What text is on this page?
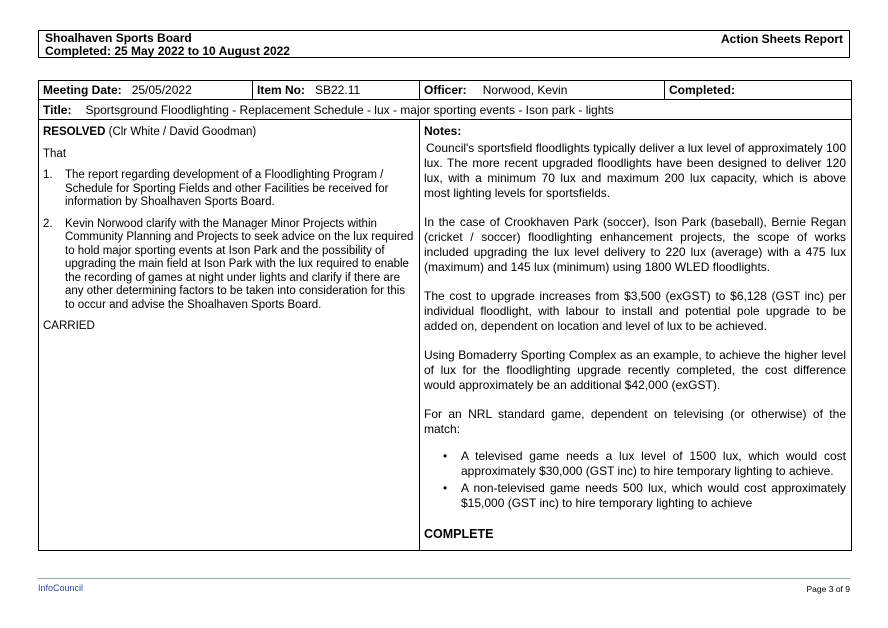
Shoalhaven Sports Board
Completed: 25 May 2022 to 10 August 2022
Action Sheets Report
Meeting Date: 25/05/2022	Item No: SB22.11	Officer: Norwood, Kevin	Completed:
Title: Sportsground Floodlighting - Replacement Schedule - lux - major sporting events - Ison park - lights

RESOLVED (Clr White / David Goodman)

That

1. The report regarding development of a Floodlighting Program / Schedule for Sporting Fields and other Facilities be received for information by Shoalhaven Sports Board.
2. Kevin Norwood clarify with the Manager Minor Projects within Community Planning and Projects to seek advice on the lux required to hold major sporting events at Ison Park and the possibility of upgrading the main field at Ison Park with the lux required to enable the recording of games at night under lights and clarify if there are any other determining factors to be taken into consideration for this to occur and advise the Shoalhaven Sports Board.

CARRIED

Notes:

Council's sportsfield floodlights typically deliver a lux level of approximately 100 lux. The more recent upgraded floodlights have been designed to deliver 120 lux, with a minimum 70 lux and maximum 200 lux capacity, which is above most lighting levels for sportsfields.

In the case of Crookhaven Park (soccer), Ison Park (baseball), Bernie Regan (cricket / soccer) floodlighting enhancement projects, the scope of works included upgrading the lux level delivery to 220 lux (average) with a 475 lux (maximum) and 145 lux (minimum) using 1800 WLED floodlights.

The cost to upgrade increases from $3,500 (exGST) to $6,128 (GST inc) per individual floodlight, with labour to install and potential pole upgrade to be added on, dependent on location and level of lux to be achieved.

Using Bomaderry Sporting Complex as an example, to achieve the higher level of lux for the floodlighting upgrade recently completed, the cost difference would approximately be an additional $42,000 (exGST).

For an NRL standard game, dependent on televising (or otherwise) of the match:

• A televised game needs a lux level of 1500 lux, which would cost approximately $30,000 (GST inc) to hire temporary lighting to achieve.
• A non-televised game needs 500 lux, which would cost approximately $15,000 (GST inc) to hire temporary lighting to achieve
COMPLETE
InfoCouncil	Page 3 of 9
